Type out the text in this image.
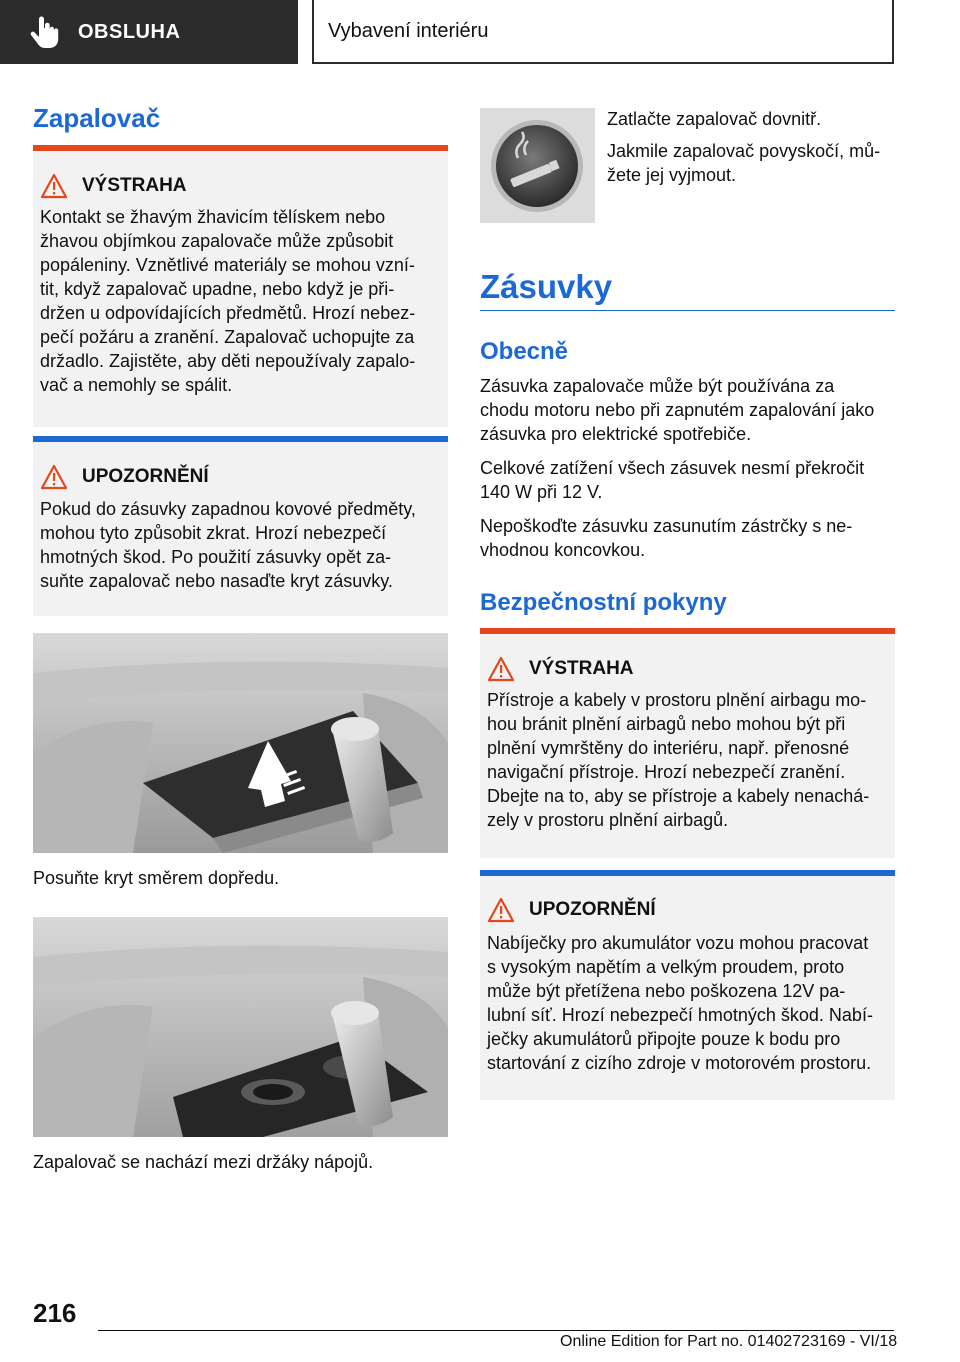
OBSLUHA	Vybavení interiéru
Zapalovač
VÝSTRAHA
Kontakt se žhavým žhavicím tělískem nebo
žhavou objímkou zapalovače může způsobit
popáleniny. Vznětlivé materiály se mohou vzní‐
tit, když zapalovač upadne, nebo když je při‐
držen u odpovídajících předmětů. Hrozí nebez‐
pečí požáru a zranění. Zapalovač uchopujte za
držadlo. Zajistěte, aby děti nepoužívaly zapalo‐
vač a nemohly se spálit.
UPOZORNĚNÍ
Pokud do zásuvky zapadnou kovové předměty,
mohou tyto způsobit zkrat. Hrozí nebezpečí
hmotných škod. Po použití zásuvky opět za‐
suňte zapalovač nebo nasaďte kryt zásuvky.
Posuňte kryt směrem dopředu.
Zapalovač se nachází mezi držáky nápojů.
Zatlačte zapalovač dovnitř.
Jakmile zapalovač povyskočí, mů‐
žete jej vyjmout.
Zásuvky
Obecně
Zásuvka zapalovače může být používána za
chodu motoru nebo při zapnutém zapalování jako
zásuvka pro elektrické spotřebiče.
Celkové zatížení všech zásuvek nesmí překročit
140 W při 12 V.
Nepoškoďte zásuvku zasunutím zástrčky s ne‐
vhodnou koncovkou.
Bezpečnostní pokyny
VÝSTRAHA
Přístroje a kabely v prostoru plnění airbagu mo‐
hou bránit plnění airbagů nebo mohou být při
plnění vymrštěny do interiéru, např. přenosné
navigační přístroje. Hrozí nebezpečí zranění.
Dbejte na to, aby se přístroje a kabely nenachá‐
zely v prostoru plnění airbagů.
UPOZORNĚNÍ
Nabíječky pro akumulátor vozu mohou pracovat
s vysokým napětím a velkým proudem, proto
může být přetížena nebo poškozena 12V pa‐
lubní síť. Hrozí nebezpečí hmotných škod. Nabí‐
ječky akumulátorů připojte pouze k bodu pro
startování z cizího zdroje v motorovém prostoru.
216
Online Edition for Part no. 01402723169 - VI/18
